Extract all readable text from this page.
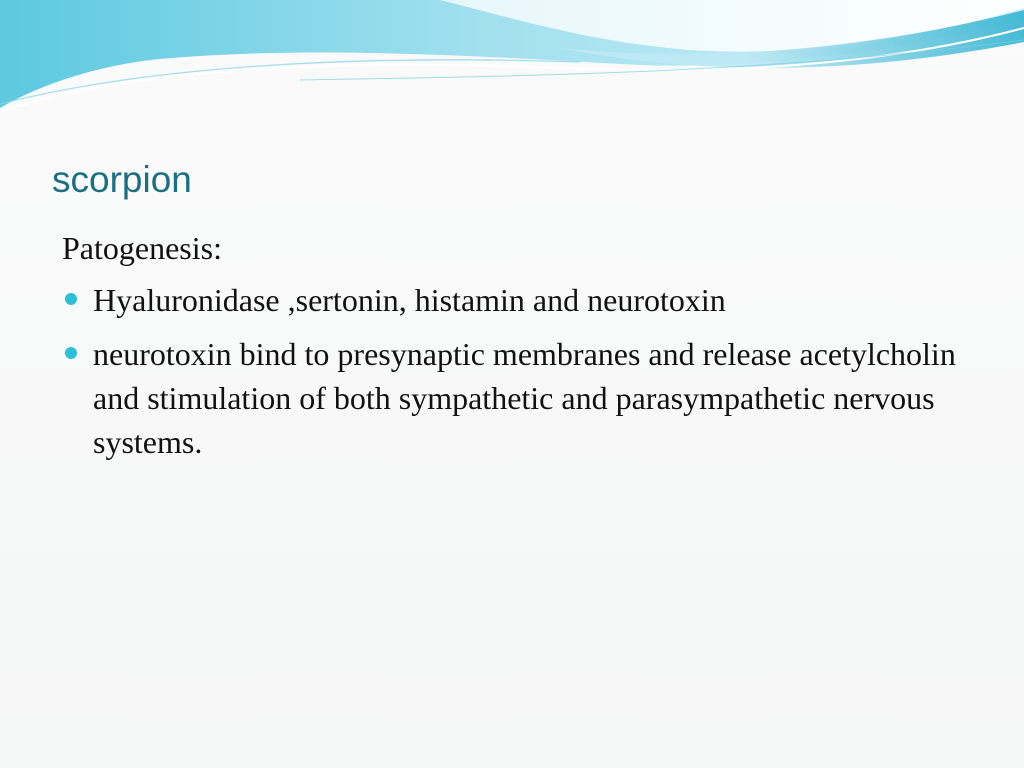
scorpion

Patogenesis:

Hyaluronidase ,sertonin, histamin and neurotoxin
neurotoxin bind to presynaptic membranes and release acetylcholin and stimulation of both sympathetic and parasympathetic nervous systems.
